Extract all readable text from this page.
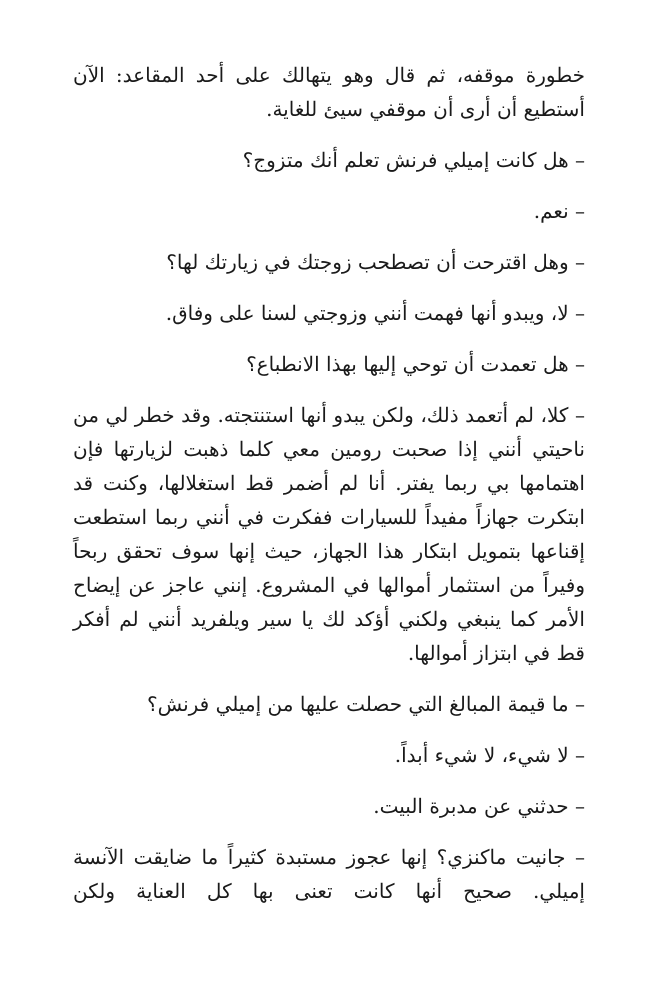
خطورة موقفه، ثم قال وهو يتهالك على أحد المقاعد: الآن أستطيع أن أرى أن موقفي سيئ للغاية.

– هل كانت إميلي فرنش تعلم أنك متزوج؟

– نعم.

– وهل اقترحت أن تصطحب زوجتك في زيارتك لها؟

– لا، ويبدو أنها فهمت أنني وزوجتي لسنا على وفاق.

– هل تعمدت أن توحي إليها بهذا الانطباع؟

– كلا، لم أتعمد ذلك، ولكن يبدو أنها استنتجته. وقد خطر لي من ناحيتي أنني إذا صحبت رومين معي كلما ذهبت لزيارتها فإن اهتمامها بي ربما يفتر. أنا لم أضمر قط استغلالها، وكنت قد ابتكرت جهازاً مفيداً للسيارات ففكرت في أنني ربما استطعت إقناعها بتمويل ابتكار هذا الجهاز، حيث إنها سوف تحقق ربحاً وفيراً من استثمار أموالها في المشروع. إنني عاجز عن إيضاح الأمر كما ينبغي ولكني أؤكد لك يا سير ويلفريد أنني لم أفكر قط في ابتزاز أموالها.

– ما قيمة المبالغ التي حصلت عليها من إميلي فرنش؟

– لا شيء، لا شيء أبداً.

– حدثني عن مدبرة البيت.

– جانيت ماكنزي؟ إنها عجوز مستبدة كثيراً ما ضايقت الآنسة إميلي. صحيح أنها كانت تعنى بها كل العناية ولكن
